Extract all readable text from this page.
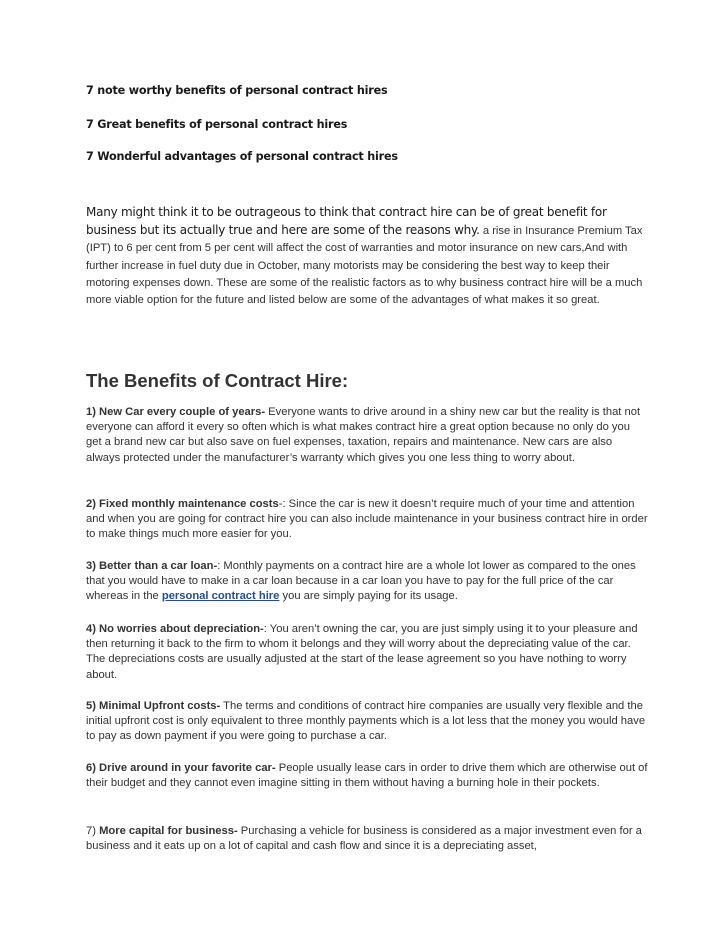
7 note worthy benefits of personal contract hires
7 Great benefits of personal contract hires
7 Wonderful advantages of personal contract hires
Many might think it to be outrageous to think that contract hire can be of great benefit for business but its actually true and here are some of the reasons why. a rise in Insurance Premium Tax (IPT) to 6 per cent from 5 per cent will affect the cost of warranties and motor insurance on new cars,And with further increase in fuel duty due in October, many motorists may be considering the best way to keep their motoring expenses down. These are some of the realistic factors as to why business contract hire will be a much more viable option for the future and listed below are some of the advantages of what makes it so great.
The Benefits of Contract Hire:
1) New Car every couple of years- Everyone wants to drive around in a shiny new car but the reality is that not everyone can afford it every so often which is what makes contract hire a great option because no only do you get a brand new car but also save on fuel expenses, taxation, repairs and maintenance. New cars are also always protected under the manufacturer’s warranty which gives you one less thing to worry about.
2) Fixed monthly maintenance costs-: Since the car is new it doesn’t require much of your time and attention and when you are going for contract hire you can also include maintenance in your business contract hire in order to make things much more easier for you.
3) Better than a car loan-: Monthly payments on a contract hire are a whole lot lower as compared to the ones that you would have to make in a car loan because in a car loan you have to pay for the full price of the car whereas in the personal contract hire you are simply paying for its usage.
4) No worries about depreciation-: You aren’t owning the car, you are just simply using it to your pleasure and then returning it back to the firm to whom it belongs and they will worry about the depreciating value of the car. The depreciations costs are usually adjusted at the start of the lease agreement so you have nothing to worry about.
5) Minimal Upfront costs- The terms and conditions of contract hire companies are usually very flexible and the initial upfront cost is only equivalent to three monthly payments which is a lot less that the money you would have to pay as down payment if you were going to purchase a car.
6) Drive around in your favorite car- People usually lease cars in order to drive them which are otherwise out of their budget and they cannot even imagine sitting in them without having a burning hole in their pockets.
7) More capital for business- Purchasing a vehicle for business is considered as a major investment even for a business and it eats up on a lot of capital and cash flow and since it is a depreciating asset,
